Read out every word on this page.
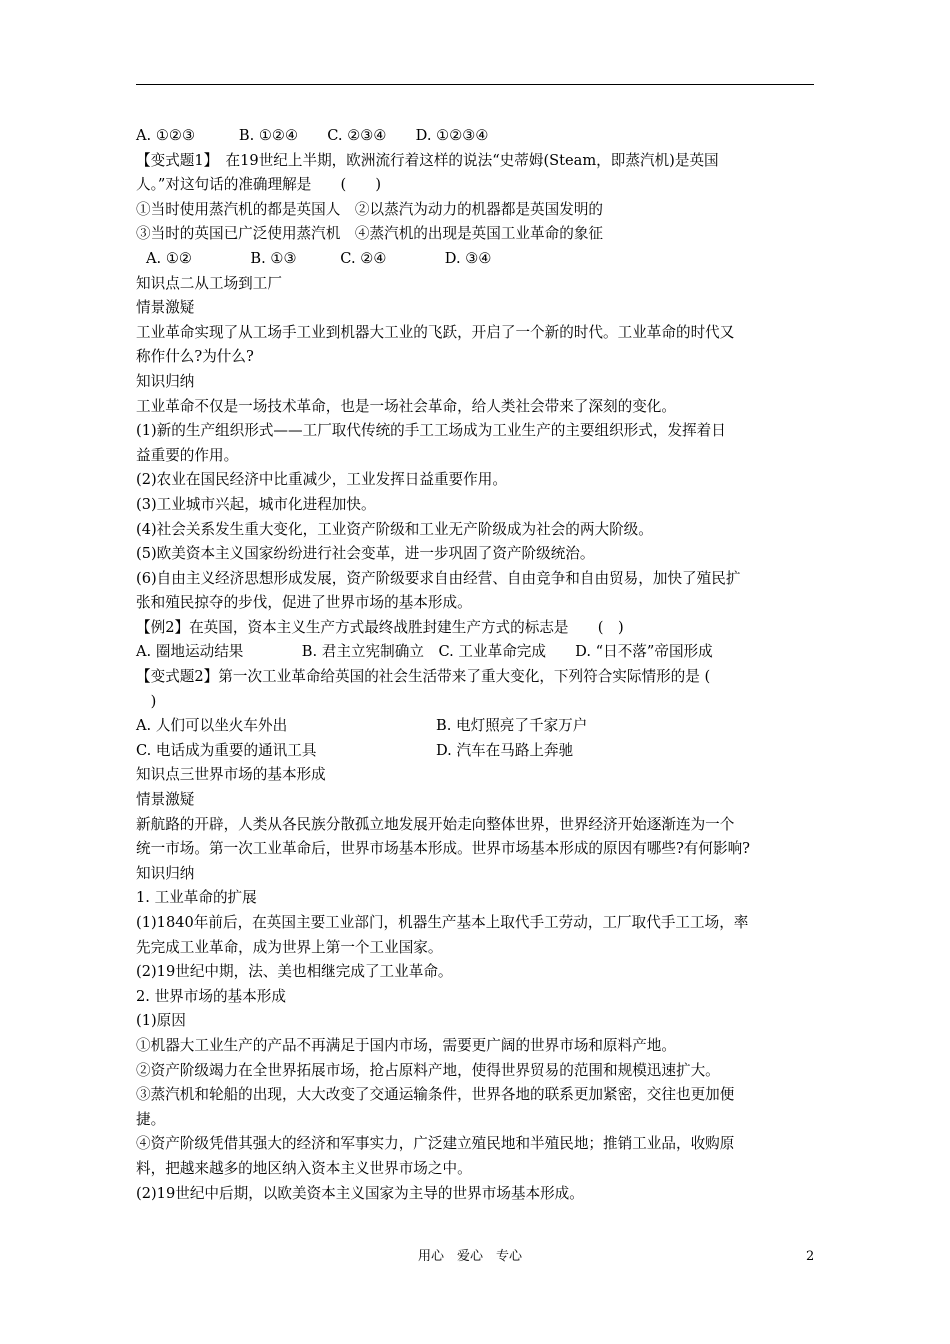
A. ①②③　　　B. ①②④　　C. ②③④　　D. ①②③④
【变式题1】　在19世纪上半期，欧洲流行着这样的说法“史蒂姆(Steam，即蒸汽机)是英国
人。”对这句话的准确理解是　　(　　)
①当时使用蒸汽机的都是英国人　②以蒸汽为动力的机器都是英国发明的
③当时的英国已广泛使用蒸汽机　④蒸汽机的出现是英国工业革命的象征
A. ①②　　　　B. ①③　　　C. ②④　　　　D. ③④
知识点二从工场到工厂
情景激疑
工业革命实现了从工场手工业到机器大工业的飞跃，开启了一个新的时代。工业革命的时代又
称作什么?为什么?
知识归纳
工业革命不仅是一场技术革命，也是一场社会革命，给人类社会带来了深刻的变化。
(1)新的生产组织形式——工厂取代传统的手工工场成为工业生产的主要组织形式，发挥着日
益重要的作用。
(2)农业在国民经济中比重减少，工业发挥日益重要作用。
(3)工业城市兴起，城市化进程加快。
(4)社会关系发生重大变化，工业资产阶级和工业无产阶级成为社会的两大阶级。
(5)欧美资本主义国家纷纷进行社会变革，进一步巩固了资产阶级统治。
(6)自由主义经济思想形成发展，资产阶级要求自由经营、自由竞争和自由贸易，加快了殖民扩
张和殖民掠夺的步伐，促进了世界市场的基本形成。
【例2】在英国，资本主义生产方式最终战胜封建生产方式的标志是　　(　)
A. 圈地运动结果　　　　B. 君主立宪制确立　C. 工业革命完成　　D. “日不落”帝国形成
【变式题2】第一次工业革命给英国的社会生活带来了重大变化，下列符合实际情形的是 (
　)
A. 人们可以坐火车外出	B. 电灯照亮了千家万户
C. 电话成为重要的通讯工具	D. 汽车在马路上奔驰
知识点三世界市场的基本形成
情景激疑
新航路的开辟，人类从各民族分散孤立地发展开始走向整体世界，世界经济开始逐渐连为一个
统一市场。第一次工业革命后，世界市场基本形成。世界市场基本形成的原因有哪些?有何影响?
知识归纳
1. 工业革命的扩展
(1)1840年前后，在英国主要工业部门，机器生产基本上取代手工劳动，工厂取代手工工场，率
先完成工业革命，成为世界上第一个工业国家。
(2)19世纪中期，法、美也相继完成了工业革命。
2. 世界市场的基本形成
(1)原因
①机器大工业生产的产品不再满足于国内市场，需要更广阔的世界市场和原料产地。
②资产阶级竭力在全世界拓展市场，抢占原料产地，使得世界贸易的范围和规模迅速扩大。
③蒸汽机和轮船的出现，大大改变了交通运输条件，世界各地的联系更加紧密，交往也更加便
捷。
④资产阶级凭借其强大的经济和军事实力，广泛建立殖民地和半殖民地；推销工业品，收购原
料，把越来越多的地区纳入资本主义世界市场之中。
(2)19世纪中后期，以欧美资本主义国家为主导的世界市场基本形成。
用心　爱心　专心	2
